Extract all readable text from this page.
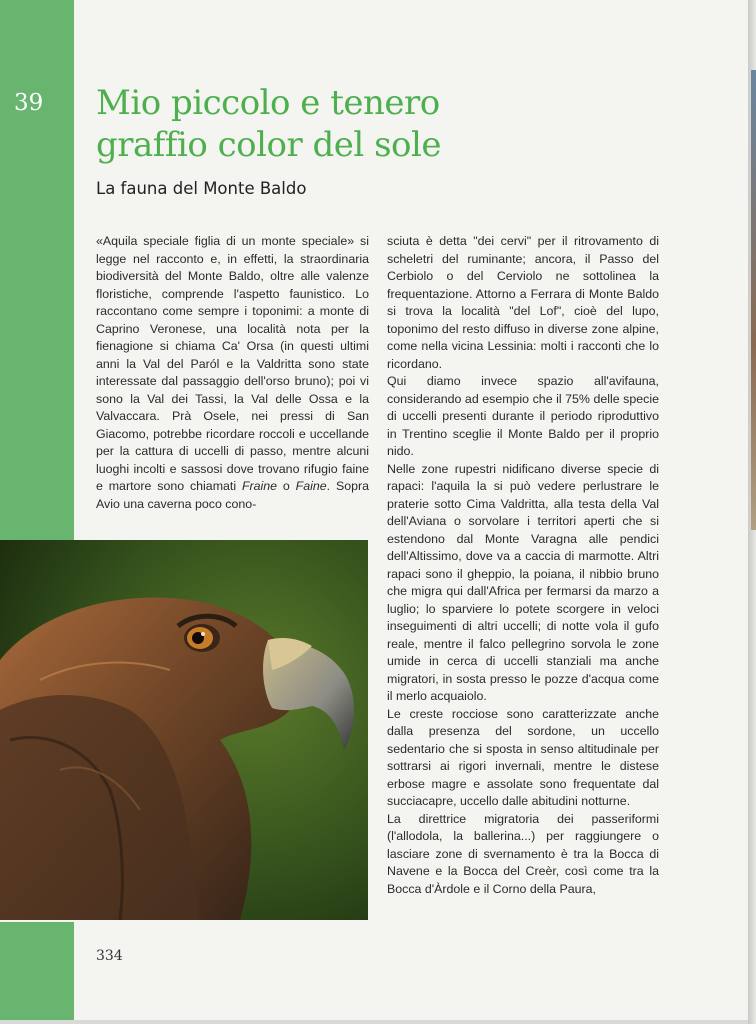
39	Mio piccolo e tenero
graffio color del sole
La fauna del Monte Baldo

«Aquila speciale figlia di un monte speciale» si legge nel racconto e, in effetti, la straordinaria biodiversità del Monte Baldo, oltre alle valenze floristiche, comprende l'aspetto faunistico. Lo raccontano come sempre i toponimi: a monte di Caprino Veronese, una località nota per la fienagione si chiama Ca' Orsa (in questi ultimi anni la Val del Paról e la Valdritta sono state interessate dal passaggio dell'orso bruno); poi vi sono la Val dei Tassi, la Val delle Ossa e la Valvaccara. Prà Osele, nei pressi di San Giacomo, potrebbe ricordare roccoli e uccellande per la cattura di uccelli di passo, mentre alcuni luoghi incolti e sassosi dove trovano rifugio faine e martore sono chiamati Fraine o Faine. Sopra Avio una caverna poco cono-

sciuta è detta "dei cervi" per il ritrovamento di scheletri del ruminante; ancora, il Passo del Cerbiolo o del Cerviolo ne sottolinea la frequentazione. Attorno a Ferrara di Monte Baldo si trova la località "del Lof", cioè del lupo, toponimo del resto diffuso in diverse zone alpine, come nella vicina Lessinia: molti i racconti che lo ricordano.

Qui diamo invece spazio all'avifauna, considerando ad esempio che il 75% delle specie di uccelli presenti durante il periodo riproduttivo in Trentino sceglie il Monte Baldo per il proprio nido.

Nelle zone rupestri nidificano diverse specie di rapaci: l'aquila la si può vedere perlustrare le praterie sotto Cima Valdritta, alla testa della Val dell'Aviana o sorvolare i territori aperti che si estendono dal Monte Varagna alle pendici dell'Altissimo, dove va a caccia di marmotte. Altri rapaci sono il gheppio, la poiana, il nibbio bruno che migra qui dall'Africa per fermarsi da marzo a luglio; lo sparviere lo potete scorgere in veloci inseguimenti di altri uccelli; di notte vola il gufo reale, mentre il falco pellegrino sorvola le zone umide in cerca di uccelli stanziali ma anche migratori, in sosta presso le pozze d'acqua come il merlo acquaiolo.

Le creste rocciose sono caratterizzate anche dalla presenza del sordone, un uccello sedentario che si sposta in senso altitudinale per sottrarsi ai rigori invernali, mentre le distese erbose magre e assolate sono frequentate dal succiacapre, uccello dalle abitudini notturne.

La direttrice migratoria dei passeriformi (l'allodola, la ballerina...) per raggiungere o lasciare zone di svernamento è tra la Bocca di Navene e la Bocca del Creèr, così come tra la Bocca d'Àrdole e il Corno della Paura,

334
